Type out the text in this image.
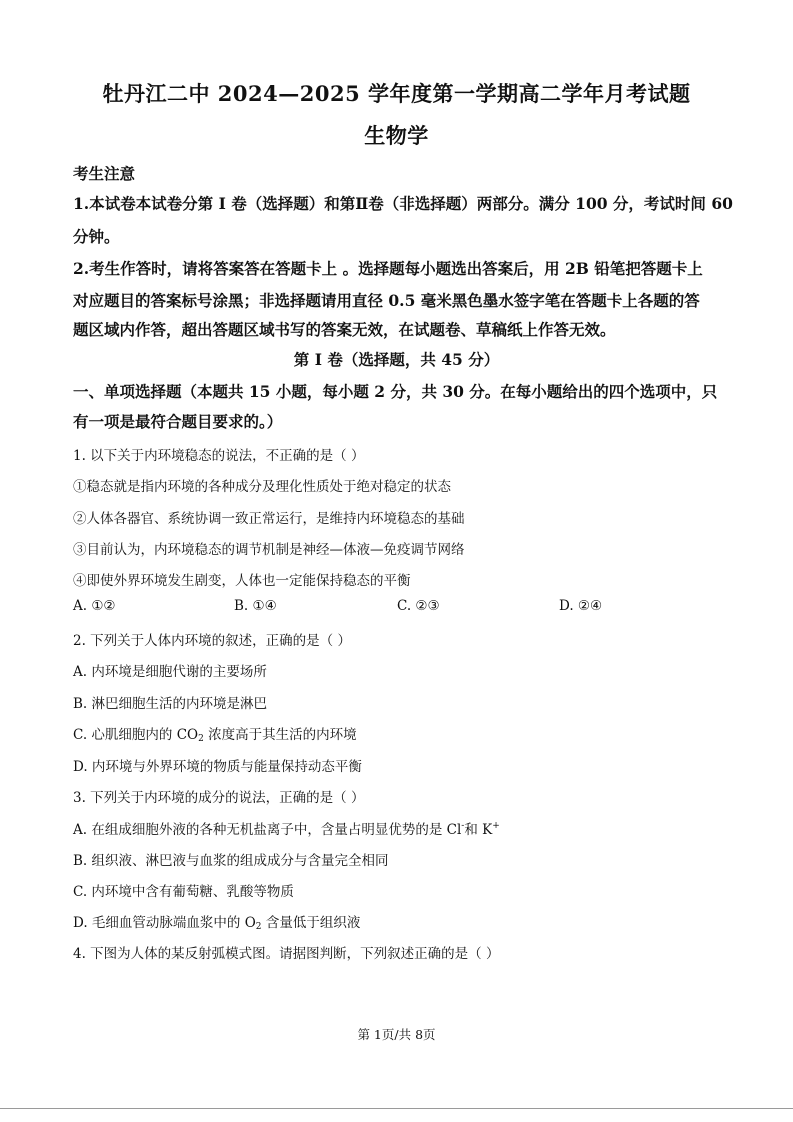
牡丹江二中 2024—2025 学年度第一学期高二学年月考试题
生物学
考生注意
1.本试卷本试卷分第 I 卷（选择题）和第Ⅱ卷（非选择题）两部分。满分 100 分，考试时间 60
分钟。
2.考生作答时，请将答案答在答题卡上 。选择题每小题选出答案后，用 2B 铅笔把答题卡上
对应题目的答案标号涂黑；非选择题请用直径 0.5 毫米黑色墨水签字笔在答题卡上各题的答
题区域内作答，超出答题区域书写的答案无效，在试题卷、草稿纸上作答无效。
第 I 卷（选择题，共 45 分）
一、单项选择题（本题共 15 小题，每小题 2 分，共 30 分。在每小题给出的四个选项中，只
有一项是最符合题目要求的。）
1. 以下关于内环境稳态的说法，不正确的是（ ）
①稳态就是指内环境的各种成分及理化性质处于绝对稳定的状态
②人体各器官、系统协调一致正常运行，是维持内环境稳态的基础
③目前认为，内环境稳态的调节机制是神经—体液—免疫调节网络
④即使外界环境发生剧变，人体也一定能保持稳态的平衡
A. ①②	B. ①④	C. ②③	D. ②④
2. 下列关于人体内环境的叙述，正确的是（ ）
A. 内环境是细胞代谢的主要场所
B. 淋巴细胞生活的内环境是淋巴
C. 心肌细胞内的 $CO_2$ 浓度高于其生活的内环境
D. 内环境与外界环境的物质与能量保持动态平衡
3. 下列关于内环境的成分的说法，正确的是（ ）
A. 在组成细胞外液的各种无机盐离子中，含量占明显优势的是 Cl-和 K+
B. 组织液、淋巴液与血浆的组成成分与含量完全相同
C. 内环境中含有葡萄糖、乳酸等物质
D. 毛细血管动脉端血浆中的 $O_2$ 含量低于组织液
4. 下图为人体的某反射弧模式图。请据图判断，下列叙述正确的是（ ）
第 1页/共 8页
